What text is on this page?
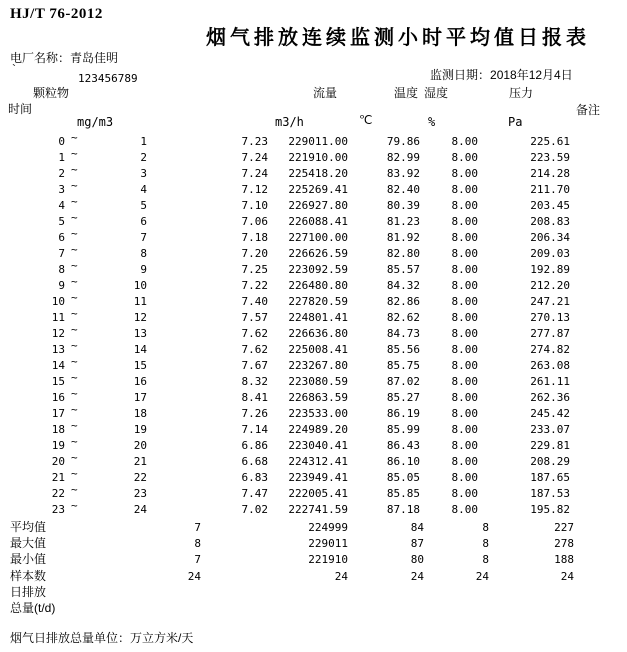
HJ/T 76-2012
烟气排放连续监测小时平均值日报表
电厂名称：青岛佳明
`
123456789	监测日期：2018年12月4日
颗粒物	流量	温度 湿度	压力
时间	备注
mg/m3	m3/h	℃	%	Pa
0 ~	1	7.23	229011.00	79.86	8.00	225.61
1 ~	2	7.24	221910.00	82.99	8.00	223.59
2 ~	3	7.24	225418.20	83.92	8.00	214.28
3 ~	4	7.12	225269.41	82.40	8.00	211.70
4 ~	5	7.10	226927.80	80.39	8.00	203.45
5 ~	6	7.06	226088.41	81.23	8.00	208.83
6 ~	7	7.18	227100.00	81.92	8.00	206.34
7 ~	8	7.20	226626.59	82.80	8.00	209.03
8 ~	9	7.25	223092.59	85.57	8.00	192.89
9 ~	10	7.22	226480.80	84.32	8.00	212.20
10 ~	11	7.40	227820.59	82.86	8.00	247.21
11 ~	12	7.57	224801.41	82.62	8.00	270.13
12 ~	13	7.62	226636.80	84.73	8.00	277.87
13 ~	14	7.62	225008.41	85.56	8.00	274.82
14 ~	15	7.67	223267.80	85.75	8.00	263.08
15 ~	16	8.32	223080.59	87.02	8.00	261.11
16 ~	17	8.41	226863.59	85.27	8.00	262.36
17 ~	18	7.26	223533.00	86.19	8.00	245.42
18 ~	19	7.14	224989.20	85.99	8.00	233.07
19 ~	20	6.86	223040.41	86.43	8.00	229.81
20 ~	21	6.68	224312.41	86.10	8.00	208.29
21 ~	22	6.83	223949.41	85.05	8.00	187.65
22 ~	23	7.47	222005.41	85.85	8.00	187.53
23 ~	24	7.02	222741.59	87.18	8.00	195.82
平均值	7	224999	84	8	227
最大值	8	229011	87	8	278
最小值	7	221910	80	8	188
样本数	24	24	24	24	24
日排放
总量(t/d)
烟气日排放总量单位：万立方米/天
